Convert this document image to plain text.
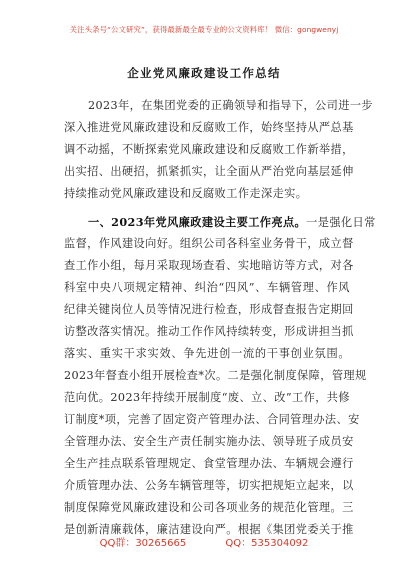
关注头条号“公文研究”，获得最新最全最专业的公文资料库！ 微信：gongwenyj
企业党风廉政建设工作总结
2023年，在集团党委的正确领导和指导下，公司进一步
深入推进党风廉政建设和反腐败工作，始终坚持从严总基
调不动摇，不断探索党风廉政建设和反腐败工作新举措，
出实招、出硬招，抓紧抓实，让全面从严治党向基层延伸
持续推动党风廉政建设和反腐败工作走深走实。
一、2023年党风廉政建设主要工作亮点。一是强化日常
监督，作风建设向好。组织公司各科室业务骨干，成立督
查工作小组，每月采取现场查看、实地暗访等方式，对各
科室中央八项规定精神、纠治“四风”、车辆管理、作风
纪律关键岗位人员等情况进行检查，形成督查报告定期回
访整改落实情况。推动工作作风持续转变，形成讲担当抓
落实、重实干求实效、争先进创一流的干事创业氛围。
2023年督查小组开展检查*次。二是强化制度保障，管理规
范向优。2023年持续开展制度“废、立、改”工作，共修
订制度*项，完善了固定资产管理办法、合同管理办法、安
全管理办法、安全生产责任制实施办法、领导班子成员安
全生产挂点联系管理规定、食堂管理办法、车辆规会遵行
介质管理办法、公务车辆管理等，切实把规矩立起来，以
制度保障党风廉政建设和公司各项业务的规范化管理。三
是创新清廉载体，廉洁建设向严。根据《集团党委关于推
QQ群：30265665	QQ：535304092
